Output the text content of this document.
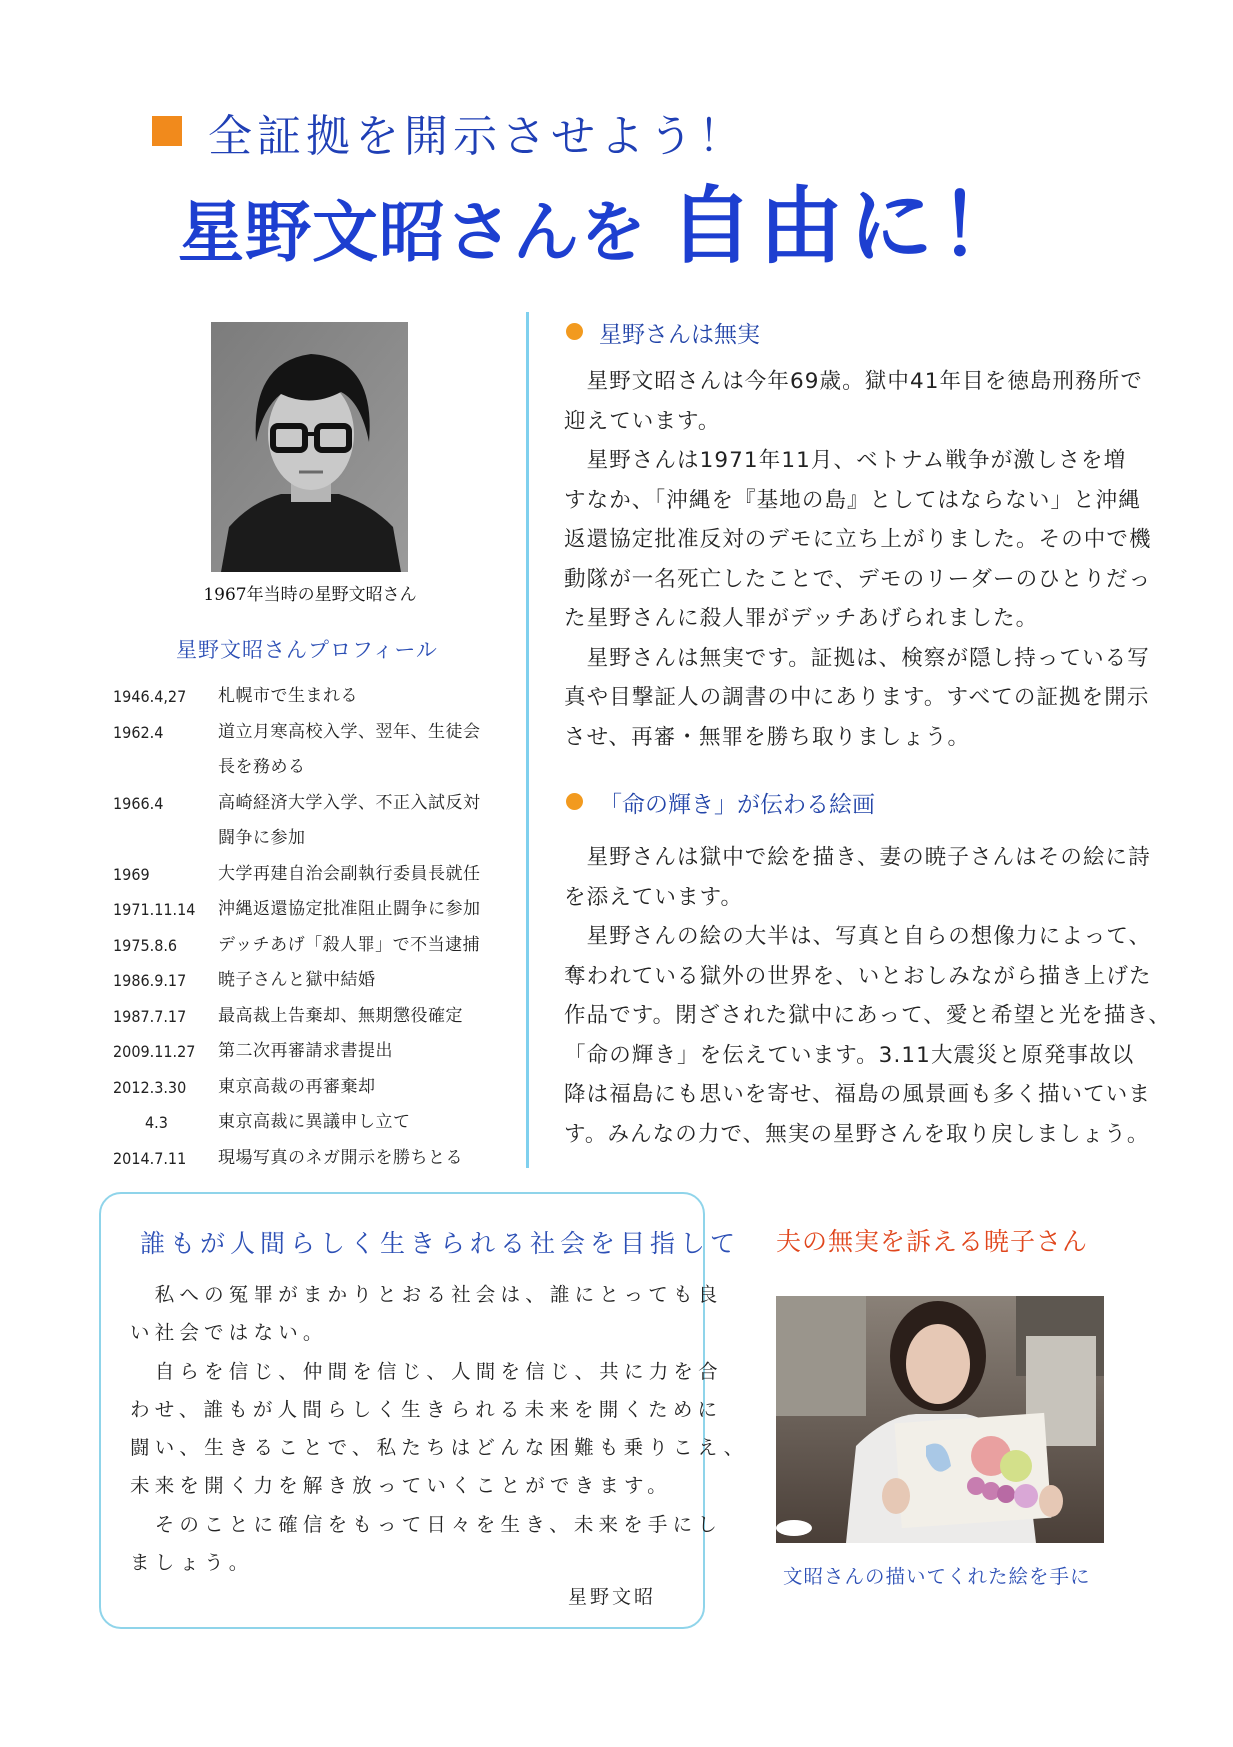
全証拠を開示させよう！
星野文昭さんを 自由に！
1967年当時の星野文昭さん
星野文昭さんプロフィール
1946.4,27	札幌市で生まれる
1962.4	道立月寒高校入学、翌年、生徒会
長を務める
1966.4	高崎経済大学入学、不正入試反対
闘争に参加
1969	大学再建自治会副執行委員長就任
1971.11.14	沖縄返還協定批准阻止闘争に参加
1975.8.6	デッチあげ「殺人罪」で不当逮捕
1986.9.17	暁子さんと獄中結婚
1987.7.17	最高裁上告棄却、無期懲役確定
2009.11.27	第二次再審請求書提出
2012.3.30	東京高裁の再審棄却
　　4.3	東京高裁に異議申し立て
2014.7.11	現場写真のネガ開示を勝ちとる
星野さんは無実

　星野文昭さんは今年69歳。獄中41年目を徳島刑務所で

迎えています。

　星野さんは1971年11月、ベトナム戦争が激しさを増

すなか、「沖縄を『基地の島』としてはならない」と沖縄

返還協定批准反対のデモに立ち上がりました。その中で機

動隊が一名死亡したことで、デモのリーダーのひとりだっ

た星野さんに殺人罪がデッチあげられました。

　星野さんは無実です。証拠は、検察が隠し持っている写

真や目撃証人の調書の中にあります。すべての証拠を開示

させ、再審・無罪を勝ち取りましょう。

「命の輝き」が伝わる絵画

　星野さんは獄中で絵を描き、妻の暁子さんはその絵に詩

を添えています。

　星野さんの絵の大半は、写真と自らの想像力によって、

奪われている獄外の世界を、いとおしみながら描き上げた

作品です。閉ざされた獄中にあって、愛と希望と光を描き、

「命の輝き」を伝えています。3.11大震災と原発事故以

降は福島にも思いを寄せ、福島の風景画も多く描いていま

す。みんなの力で、無実の星野さんを取り戻しましょう。

誰もが人間らしく生きられる社会を目指して

　私への冤罪がまかりとおる社会は、誰にとっても良

い社会ではない。

　自らを信じ、仲間を信じ、人間を信じ、共に力を合

わせ、誰もが人間らしく生きられる未来を開くために

闘い、生きることで、私たちはどんな困難も乗りこえ、

未来を開く力を解き放っていくことができます。

　そのことに確信をもって日々を生き、未来を手にし

ましょう。

星野文昭
夫の無実を訴える暁子さん
文昭さんの描いてくれた絵を手に
